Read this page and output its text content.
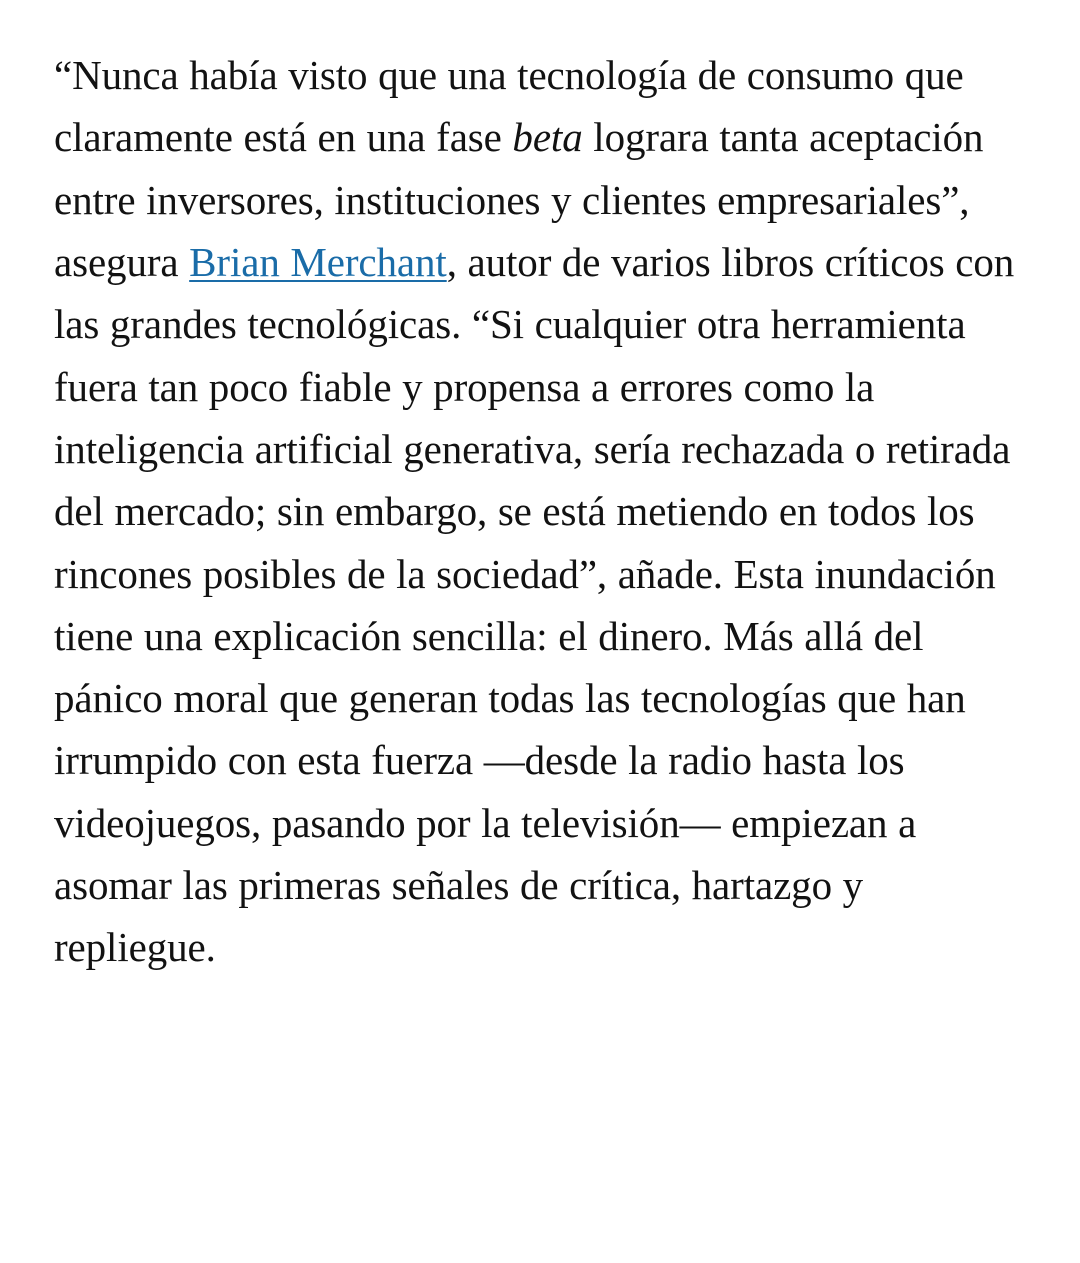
“Nunca había visto que una tecnología de consumo que claramente está en una fase beta lograra tanta aceptación entre inversores, instituciones y clientes empresariales”, asegura Brian Merchant, autor de varios libros críticos con las grandes tecnológicas. “Si cualquier otra herramienta fuera tan poco fiable y propensa a errores como la inteligencia artificial generativa, sería rechazada o retirada del mercado; sin embargo, se está metiendo en todos los rincones posibles de la sociedad”, añade. Esta inundación tiene una explicación sencilla: el dinero. Más allá del pánico moral que generan todas las tecnologías que han irrumpido con esta fuerza —desde la radio hasta los videojuegos, pasando por la televisión— empiezan a asomar las primeras señales de crítica, hartazgo y repliegue.
